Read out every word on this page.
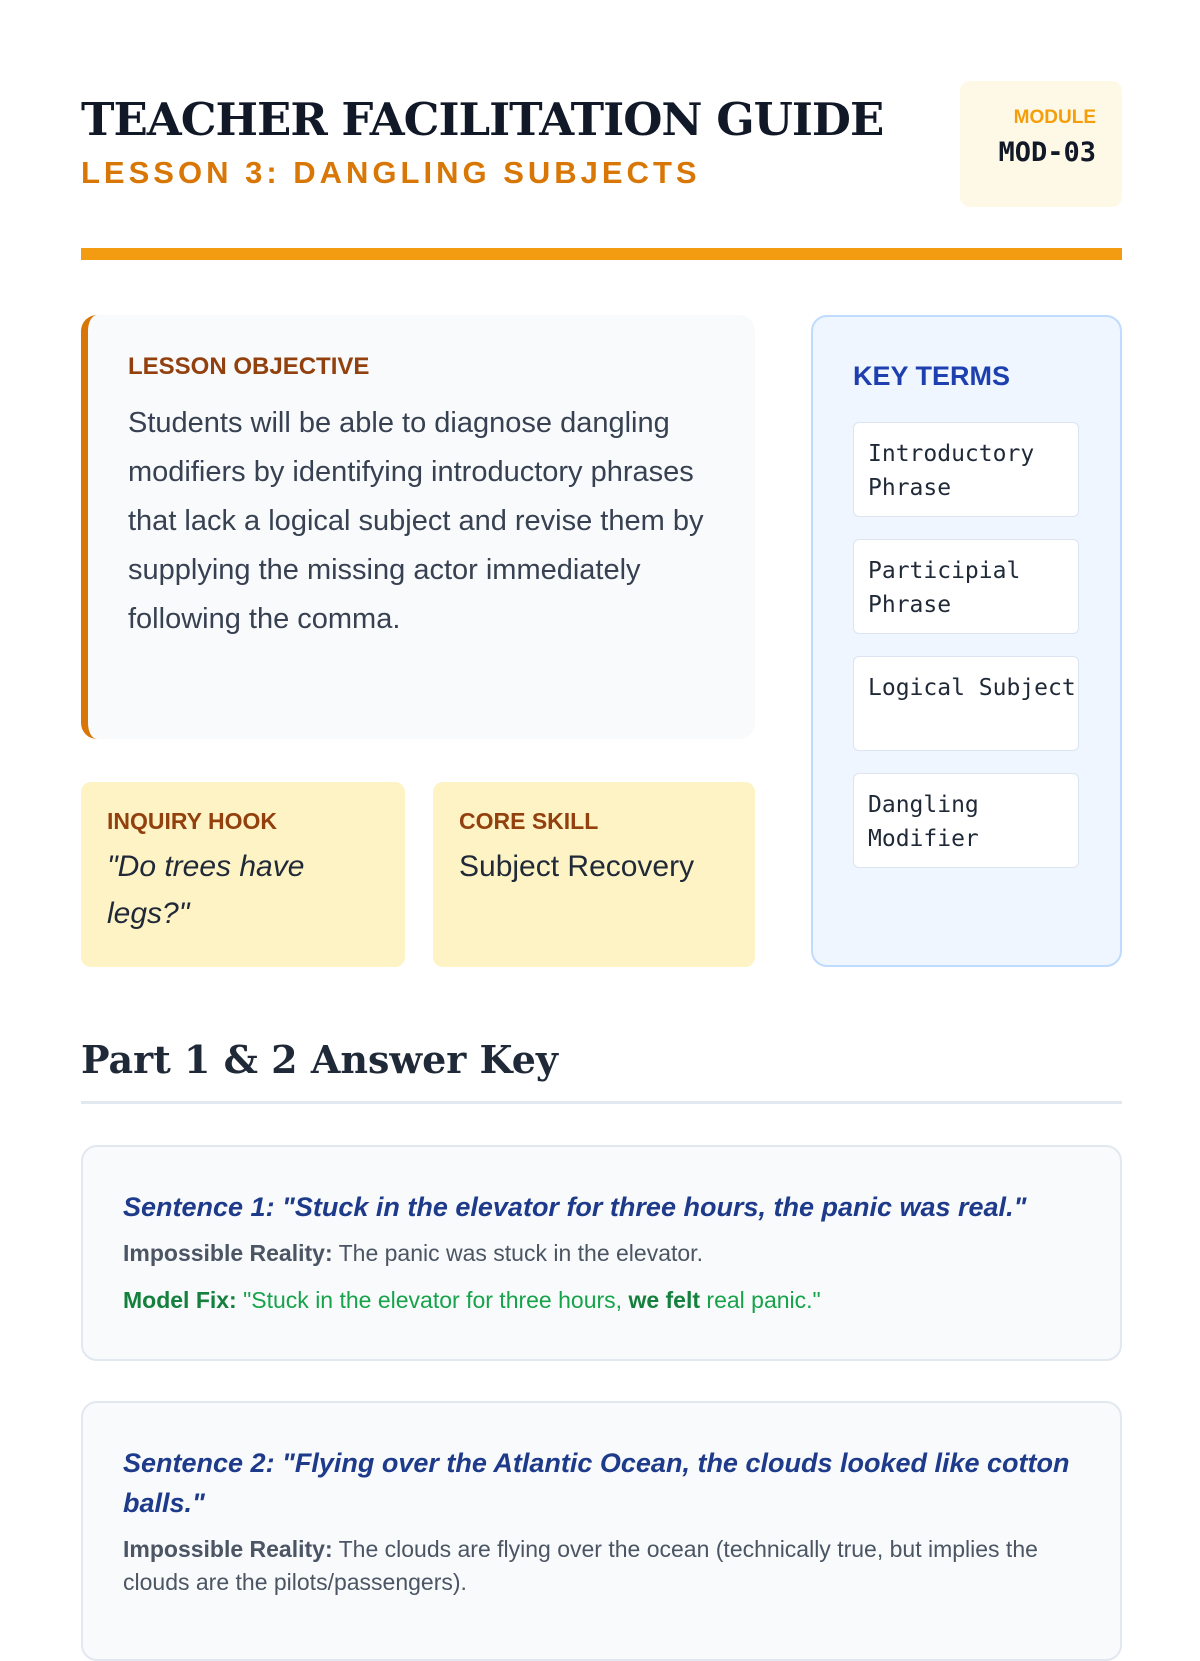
TEACHER FACILITATION GUIDE
LESSON 3: DANGLING SUBJECTS
MODULE
MOD-03
LESSON OBJECTIVE
Students will be able to diagnose dangling modifiers by identifying introductory phrases that lack a logical subject and revise them by supplying the missing actor immediately following the comma.
INQUIRY HOOK
"Do trees have legs?"
CORE SKILL
Subject Recovery
KEY TERMS
Introductory Phrase
Participial Phrase
Logical Subject
Dangling Modifier
Part 1 & 2 Answer Key
Sentence 1: "Stuck in the elevator for three hours, the panic was real."
Impossible Reality: The panic was stuck in the elevator.
Model Fix: "Stuck in the elevator for three hours, we felt real panic."
Sentence 2: "Flying over the Atlantic Ocean, the clouds looked like cotton balls."
Impossible Reality: The clouds are flying over the ocean (technically true, but implies the clouds are the pilots/passengers).
